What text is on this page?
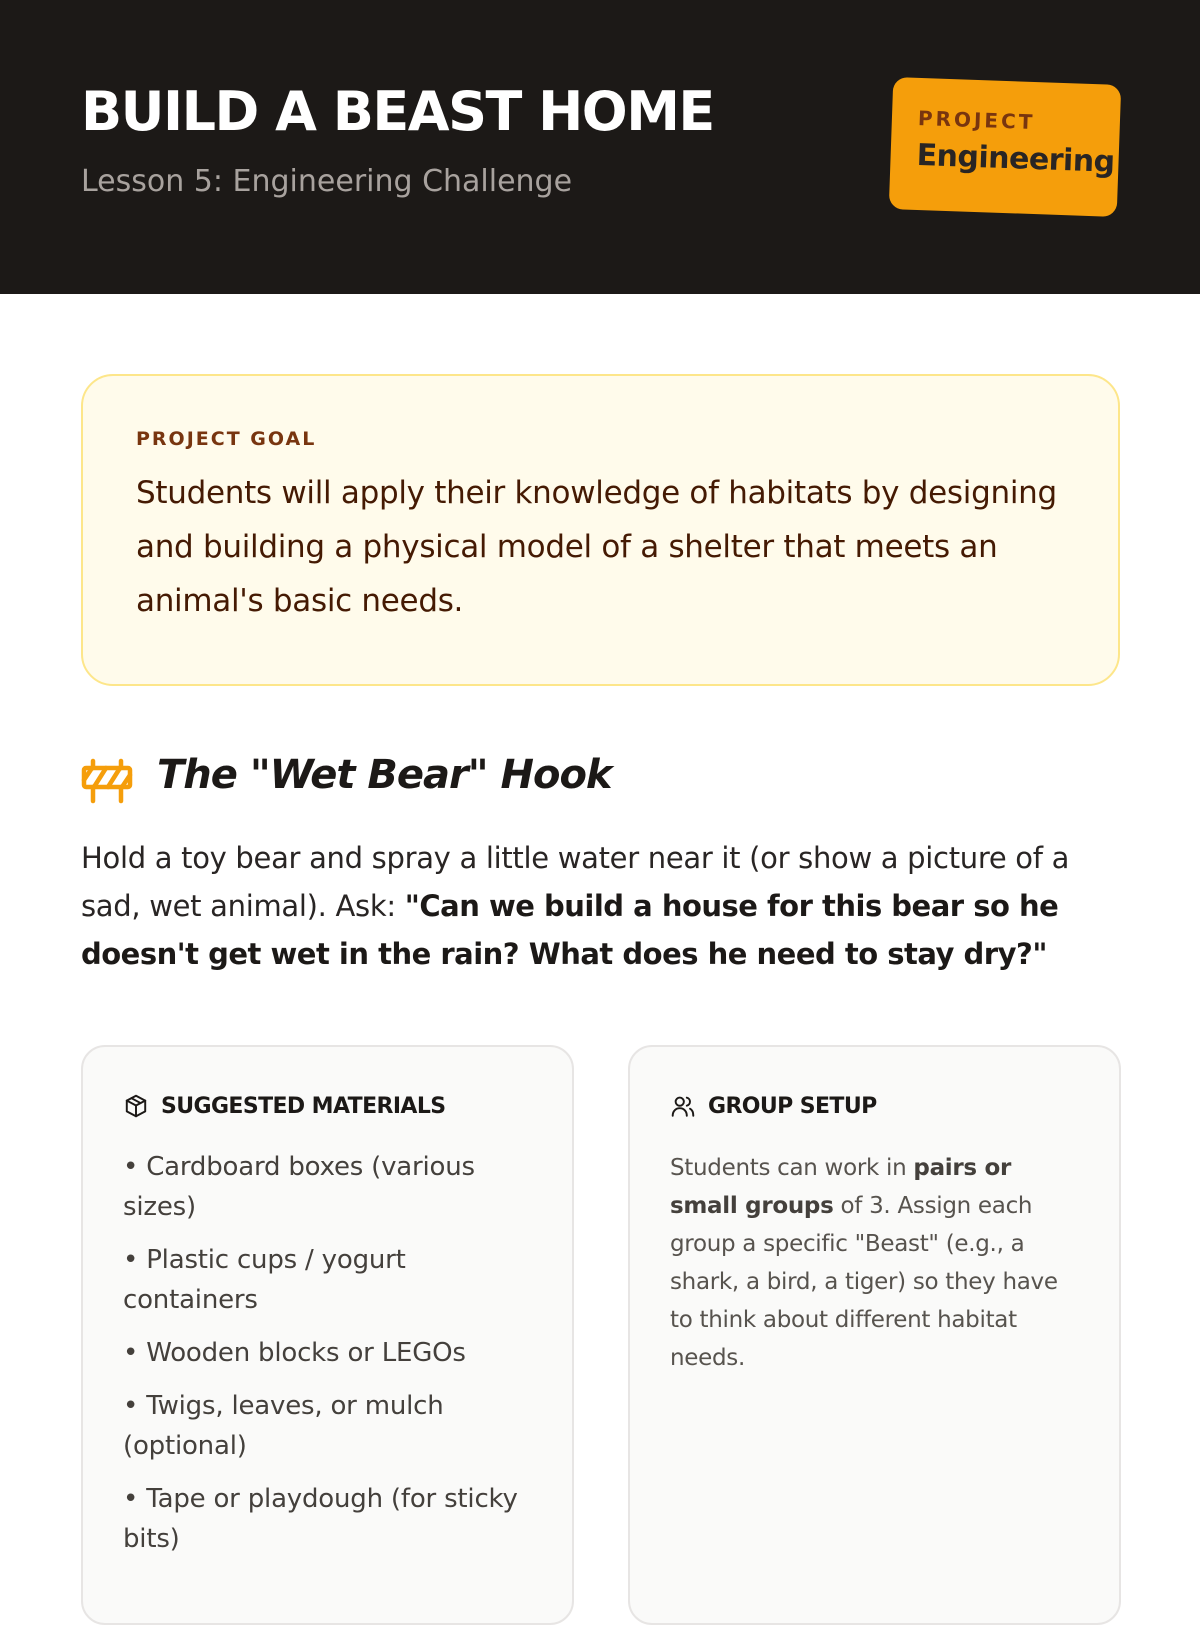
BUILD A BEAST HOME
Lesson 5: Engineering Challenge
PROJECT
Engineering
PROJECT GOAL
Students will apply their knowledge of habitats by designing and building a physical model of a shelter that meets an animal's basic needs.
The "Wet Bear" Hook

Hold a toy bear and spray a little water near it (or show a picture of a sad, wet animal). Ask: "Can we build a house for this bear so he doesn't get wet in the rain? What does he need to stay dry?"

SUGGESTED MATERIALS
• Cardboard boxes (various sizes)
• Plastic cups / yogurt containers
• Wooden blocks or LEGOs
• Twigs, leaves, or mulch (optional)
• Tape or playdough (for sticky bits)
GROUP SETUP
Students can work in pairs or small groups of 3. Assign each group a specific "Beast" (e.g., a shark, a bird, a tiger) so they have to think about different habitat needs.
